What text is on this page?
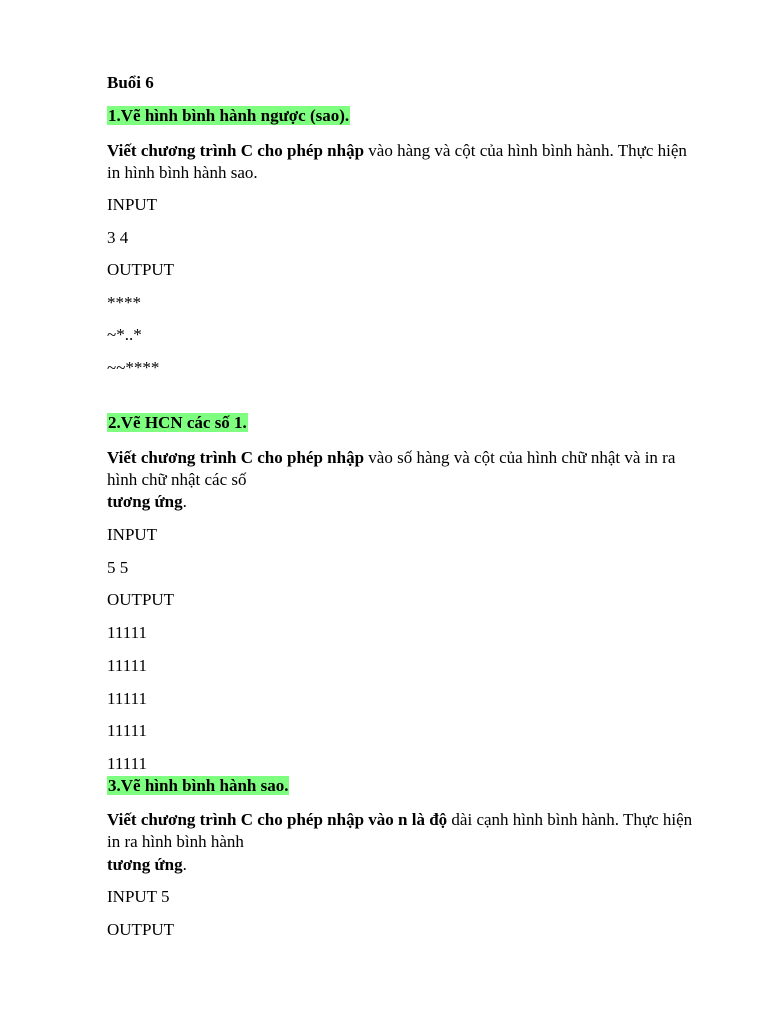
Buổi 6
1.Vẽ hình bình hành ngược (sao).
Viết chương trình C cho phép nhập vào hàng và cột của hình bình hành. Thực hiện
in hình bình hành sao.
INPUT
3 4
OUTPUT
****
~*..*
~~****
2.Vẽ HCN các số 1.
Viết chương trình C cho phép nhập vào số hàng và cột của hình chữ nhật và in ra
hình chữ nhật các số
tương ứng.
INPUT
5 5
OUTPUT
11111
11111
11111
11111
11111
3.Vẽ hình bình hành sao.
Viết chương trình C cho phép nhập vào n là độ dài cạnh hình bình hành. Thực hiện
in ra hình bình hành
tương ứng.
INPUT 5
OUTPUT
